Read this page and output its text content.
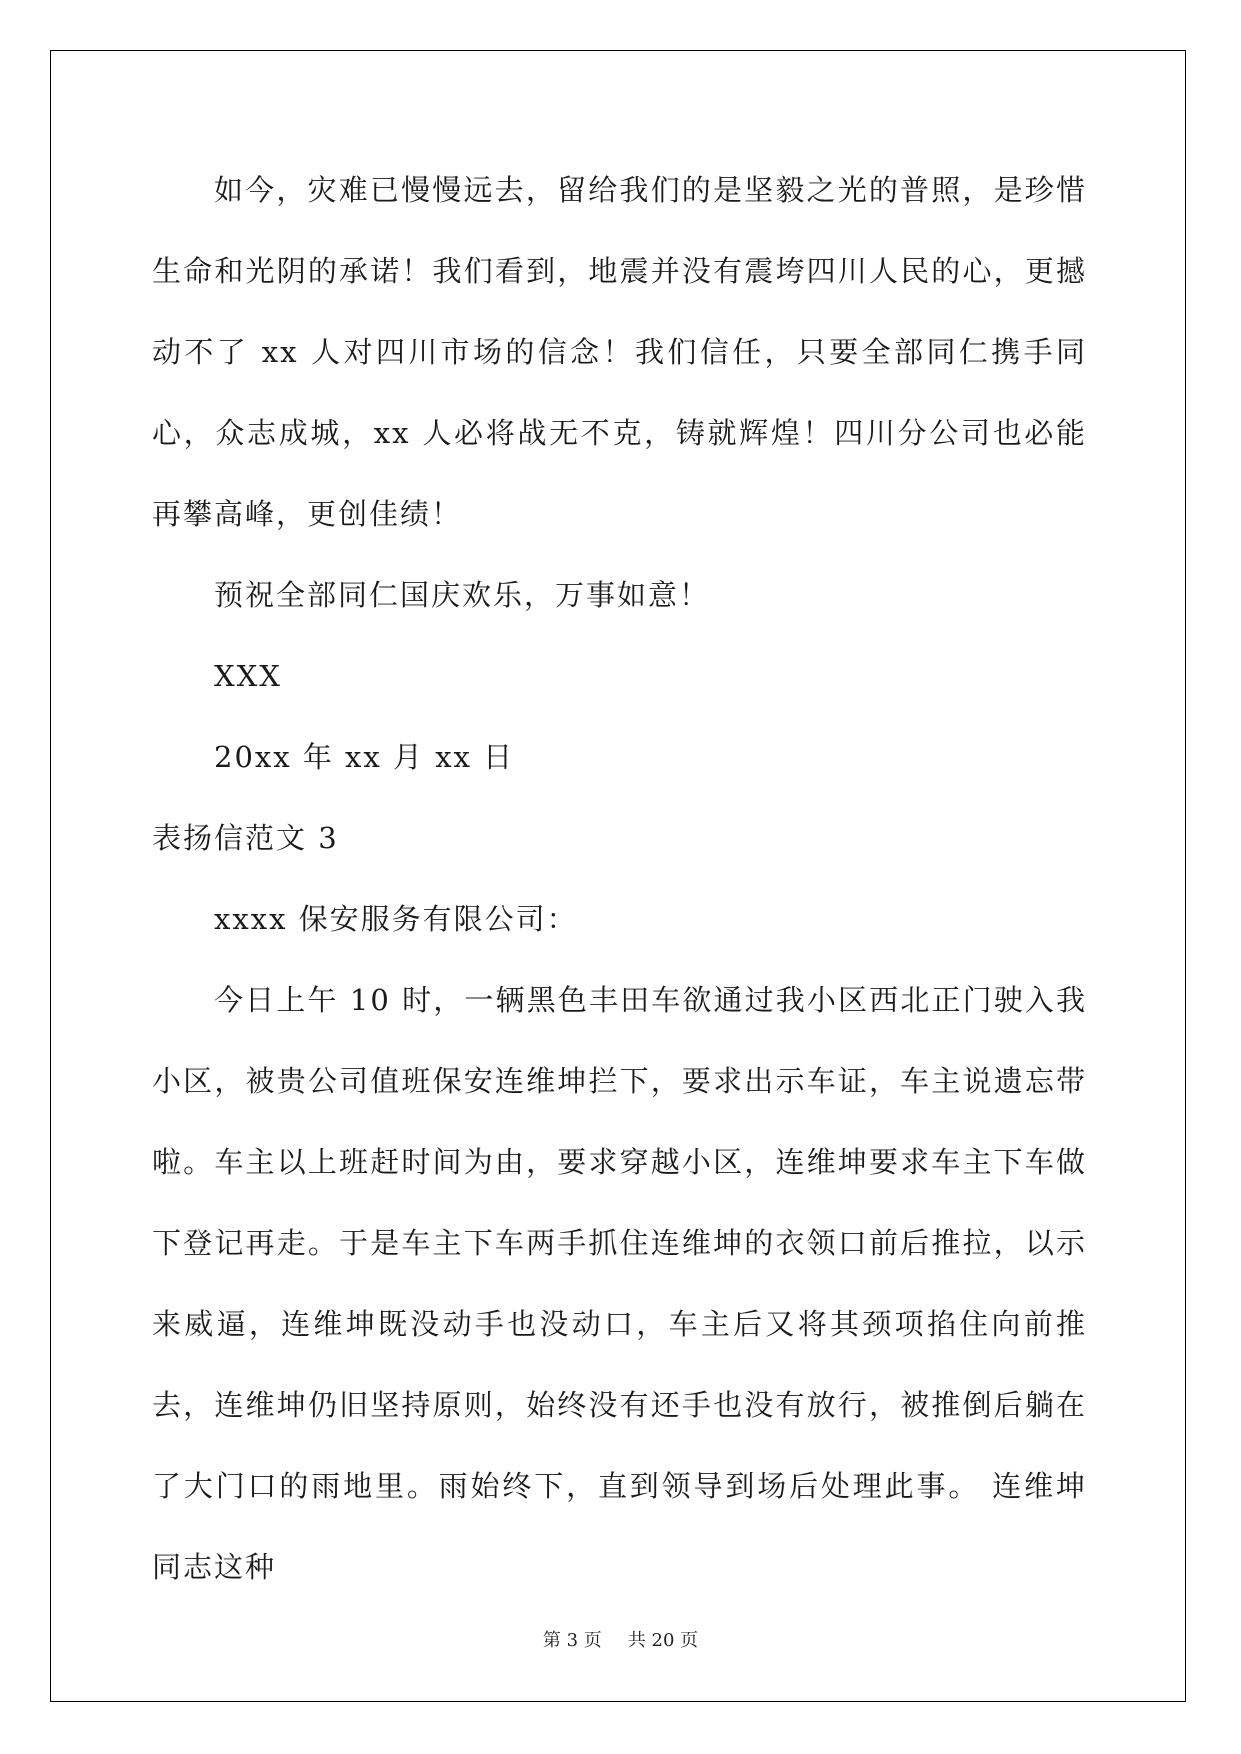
如今，灾难已慢慢远去，留给我们的是坚毅之光的普照，是珍惜生命和光阴的承诺！我们看到，地震并没有震垮四川人民的心，更撼动不了 xx 人对四川市场的信念！我们信任，只要全部同仁携手同心，众志成城，xx 人必将战无不克，铸就辉煌！四川分公司也必能再攀高峰，更创佳绩！

预祝全部同仁国庆欢乐，万事如意！

XXX

20xx 年 xx 月 xx 日

表扬信范文 3

xxxx 保安服务有限公司：

今日上午 10 时，一辆黑色丰田车欲通过我小区西北正门驶入我小区，被贵公司值班保安连维坤拦下，要求出示车证，车主说遗忘带啦。车主以上班赶时间为由，要求穿越小区，连维坤要求车主下车做下登记再走。于是车主下车两手抓住连维坤的衣领口前后推拉，以示来威逼，连维坤既没动手也没动口，车主后又将其颈项掐住向前推去，连维坤仍旧坚持原则，始终没有还手也没有放行，被推倒后躺在了大门口的雨地里。雨始终下，直到领导到场后处理此事。 连维坤同志这种

第 3 页 共 20 页
